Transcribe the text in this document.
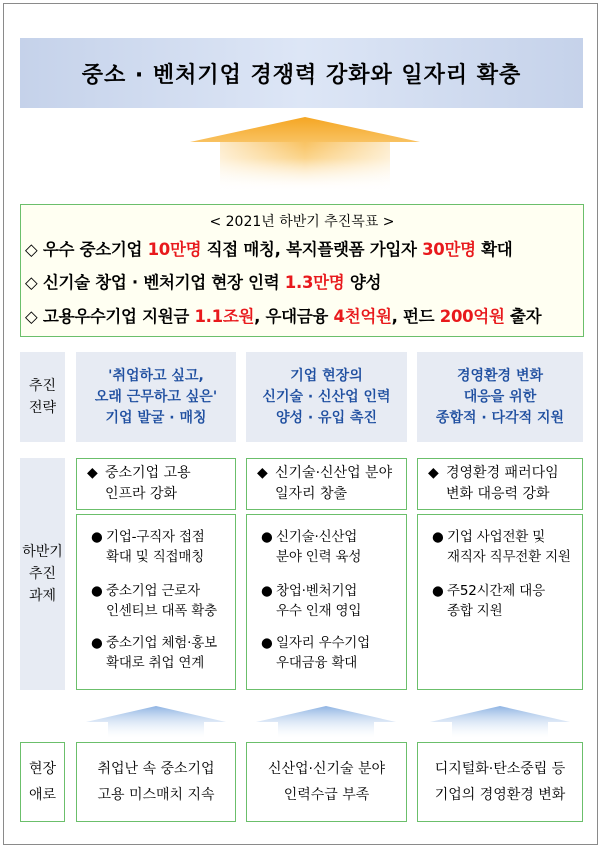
중소 · 벤처기업 경쟁력 강화와 일자리 확충
< 2021년 하반기 추진목표 >
◇ 우수 중소기업 10만명 직접 매칭, 복지플랫폼 가입자 30만명 확대
◇ 신기술 창업 · 벤처기업 현장 인력 1.3만명 양성
◇ 고용우수기업 지원금 1.1조원, 우대금융 4천억원, 펀드 200억원 출자
추진
전략
'취업하고 싶고,
오래 근무하고 싶은'
기업 발굴 · 매칭
기업 현장의
신기술 · 신산업 인력
양성 · 유입 촉진
경영환경 변화
대응을 위한
종합적 · 다각적 지원
하반기
추진
과제
◆ 중소기업 고용
인프라 강화
● 기업-구직자 접점
확대 및 직접매칭
● 중소기업 근로자
인센티브 대폭 확충
● 중소기업 체험·홍보
확대로 취업 연계
◆ 신기술·신산업 분야
일자리 창출
● 신기술·신산업
분야 인력 육성
● 창업·벤처기업
우수 인재 영입
● 일자리 우수기업
우대금융 확대
◆ 경영환경 패러다임
변화 대응력 강화
● 기업 사업전환 및
재직자 직무전환 지원
● 주52시간제 대응
종합 지원
현장
애로
취업난 속 중소기업
고용 미스매치 지속
신산업·신기술 분야
인력수급 부족
디지털화·탄소중립 등
기업의 경영환경 변화
